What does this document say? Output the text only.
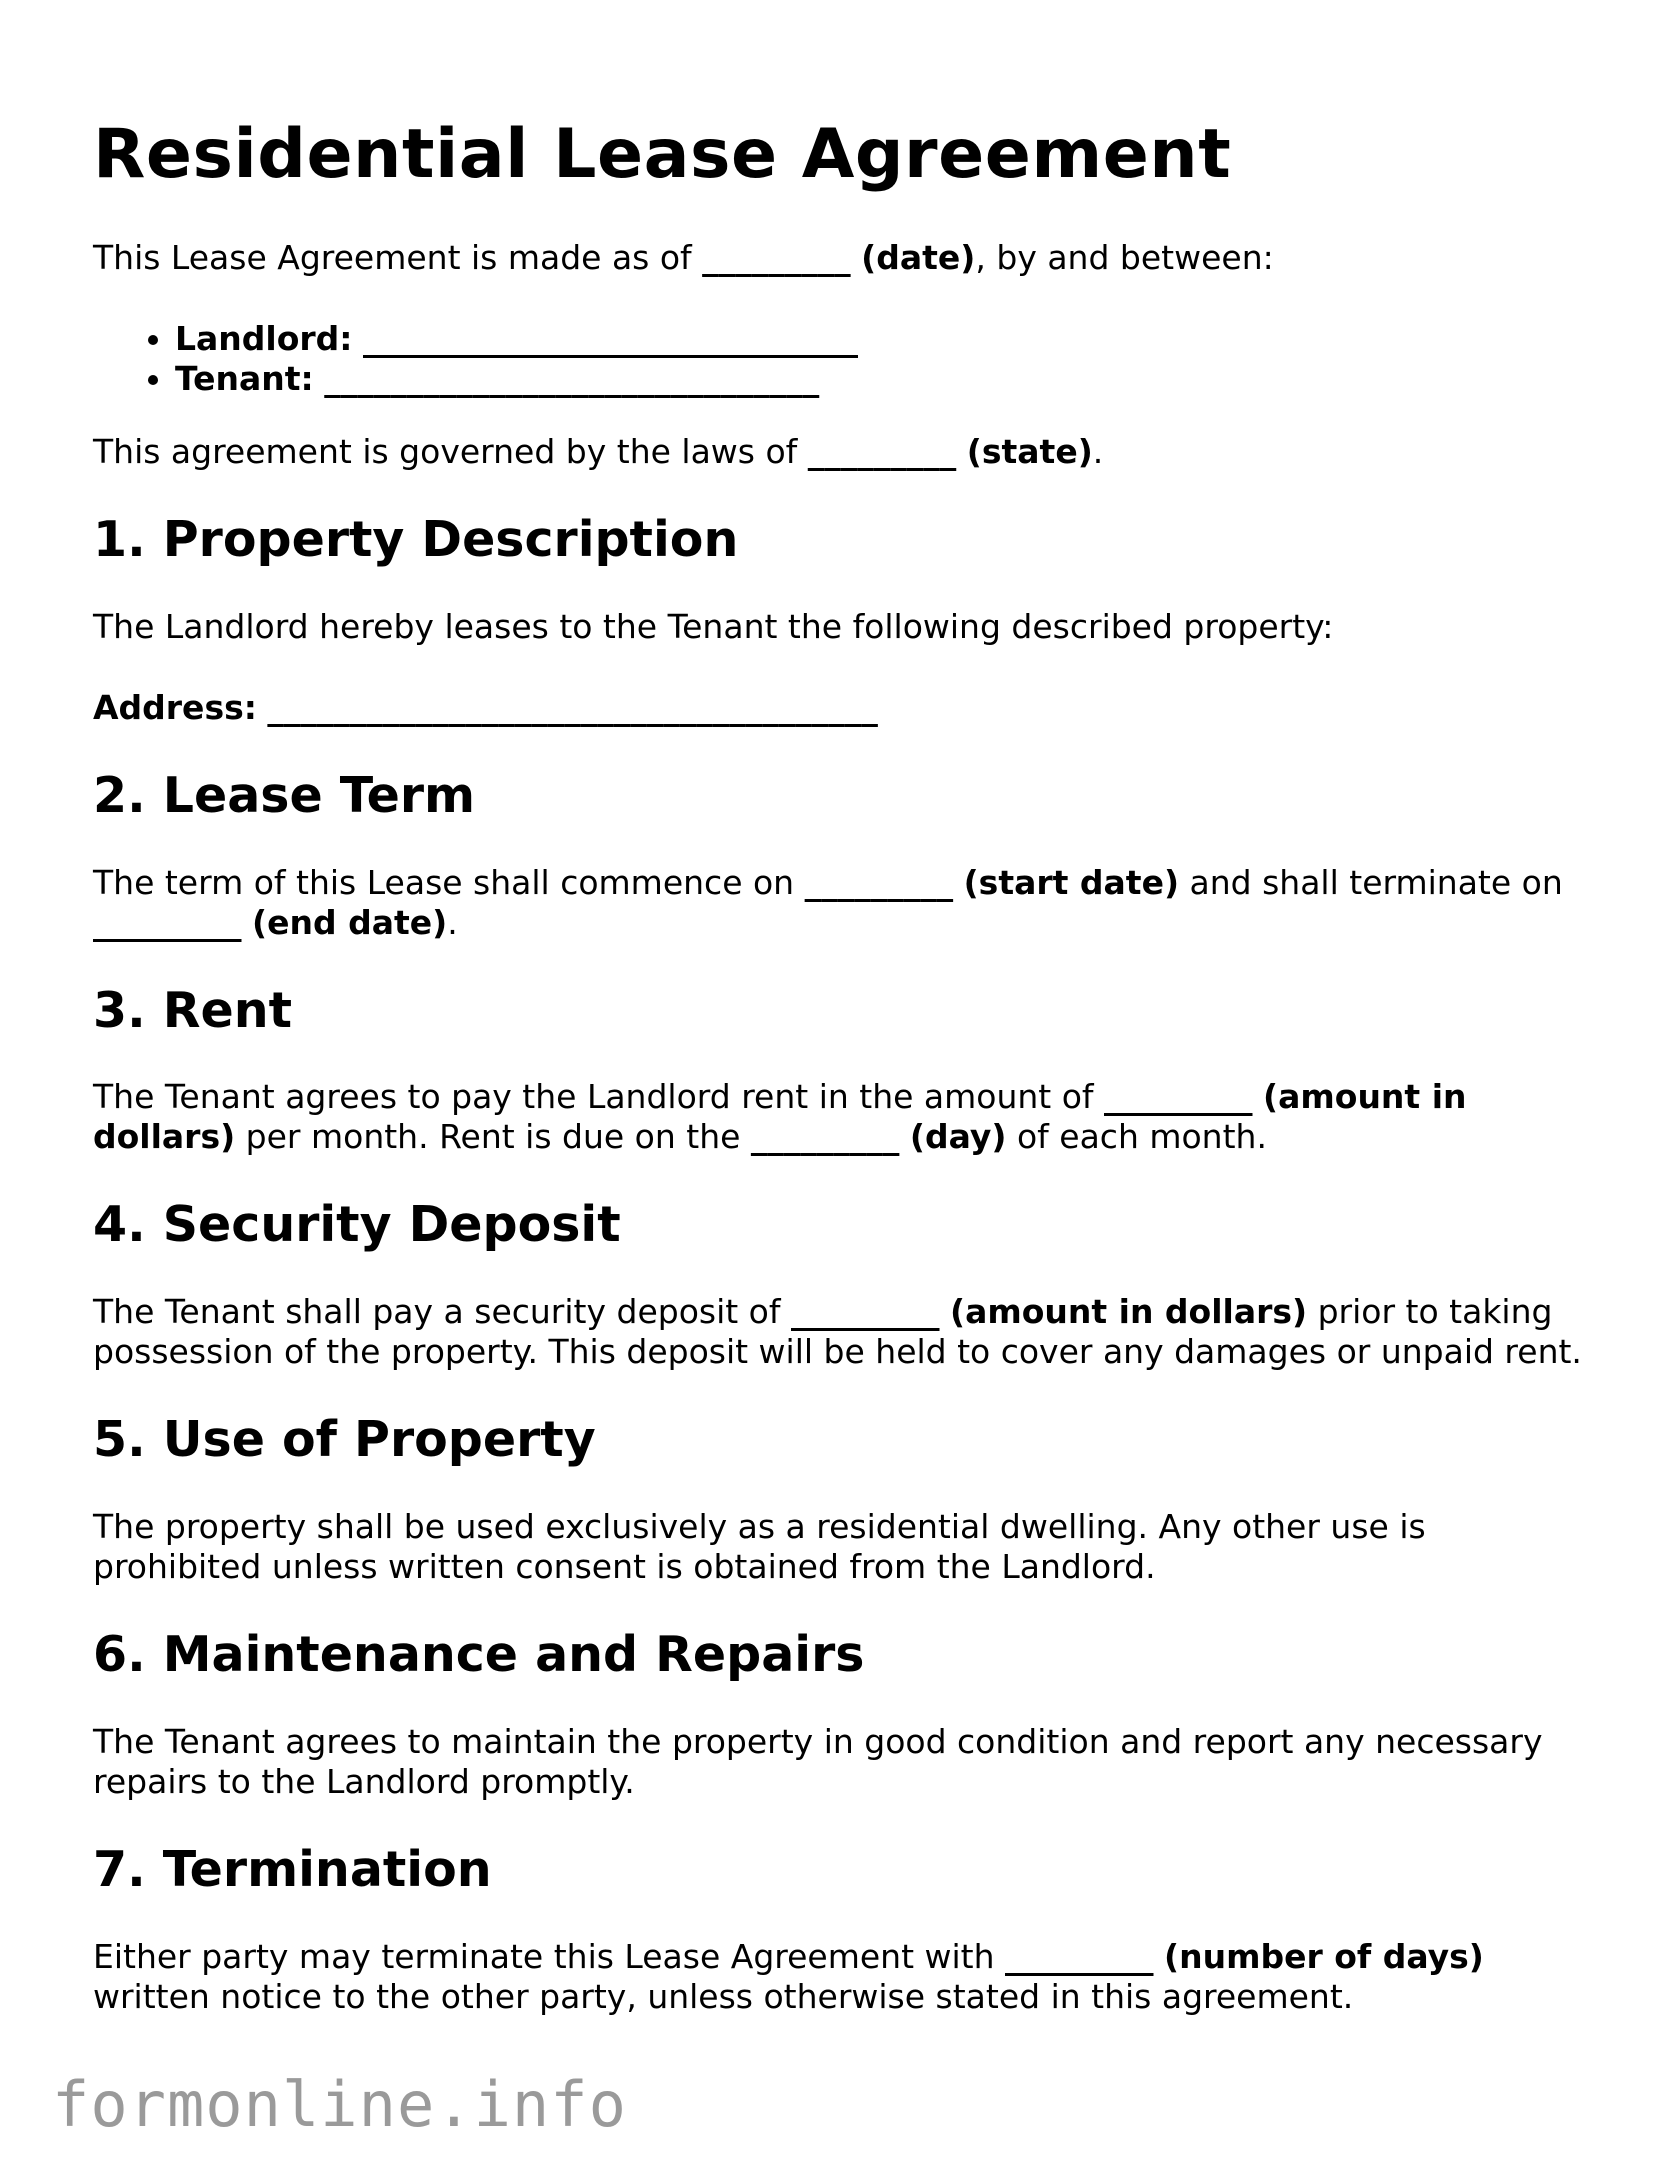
Residential Lease Agreement

This Lease Agreement is made as of _________ (date), by and between:

• Landlord: ______________________________
• Tenant: ______________________________

This agreement is governed by the laws of _________ (state).

1. Property Description

The Landlord hereby leases to the Tenant the following described property:

Address: _____________________________________

2. Lease Term

The term of this Lease shall commence on _________ (start date) and shall terminate on _________ (end date).

3. Rent

The Tenant agrees to pay the Landlord rent in the amount of _________ (amount in dollars) per month. Rent is due on the _________ (day) of each month.

4. Security Deposit

The Tenant shall pay a security deposit of _________ (amount in dollars) prior to taking possession of the property. This deposit will be held to cover any damages or unpaid rent.

5. Use of Property

The property shall be used exclusively as a residential dwelling. Any other use is prohibited unless written consent is obtained from the Landlord.

6. Maintenance and Repairs

The Tenant agrees to maintain the property in good condition and report any necessary repairs to the Landlord promptly.

7. Termination

Either party may terminate this Lease Agreement with _________ (number of days) written notice to the other party, unless otherwise stated in this agreement.

formonline.info
